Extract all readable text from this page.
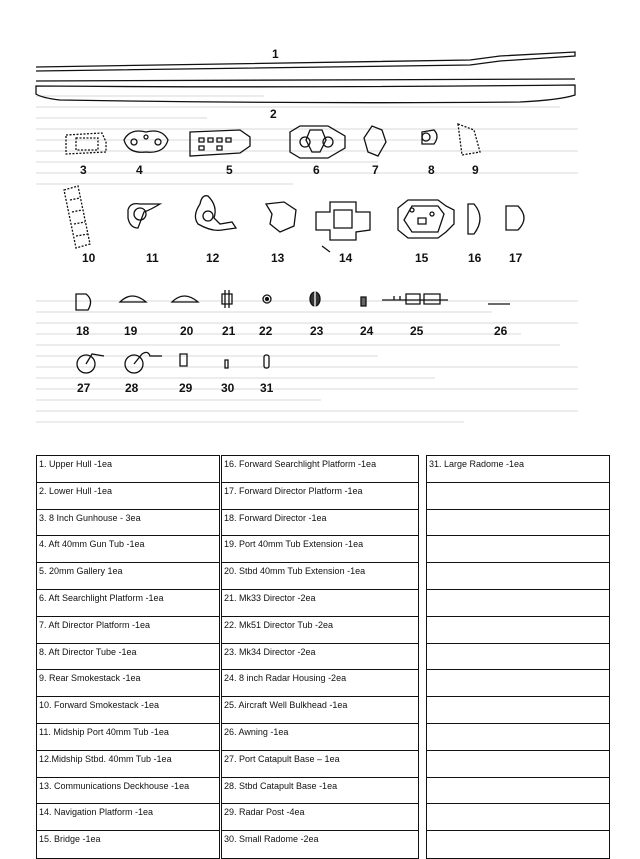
1
2
3	4	5	6	7	8	9
10	11	12	13	14	15	16 17
18	19	20 21 22	23	24	25	26
27	28	29 30 31
1. Upper Hull -1ea
2. Lower Hull -1ea
3. 8 Inch Gunhouse - 3ea
4. Aft 40mm Gun Tub -1ea
5. 20mm Gallery 1ea
6. Aft Searchlight Platform -1ea
7. Aft Director Platform -1ea
8. Aft Director Tube -1ea
9. Rear Smokestack -1ea
10. Forward Smokestack -1ea
11. Midship Port 40mm Tub -1ea
12.Midship Stbd. 40mm Tub -1ea
13. Communications Deckhouse -1ea
14. Navigation Platform -1ea
15. Bridge -1ea
16. Forward Searchlight Platform -1ea
17. Forward Director Platform -1ea
18. Forward Director -1ea
19. Port 40mm Tub Extension -1ea
20. Stbd 40mm Tub Extension -1ea
21. Mk33 Director -2ea
22. Mk51 Director Tub -2ea
23. Mk34 Director -2ea
24. 8 inch Radar Housing -2ea
25. Aircraft Well Bulkhead -1ea
26. Awning -1ea
27. Port Catapult Base – 1ea
28. Stbd Catapult Base -1ea
29. Radar Post -4ea
30. Small Radome -2ea
31. Large Radome -1ea
